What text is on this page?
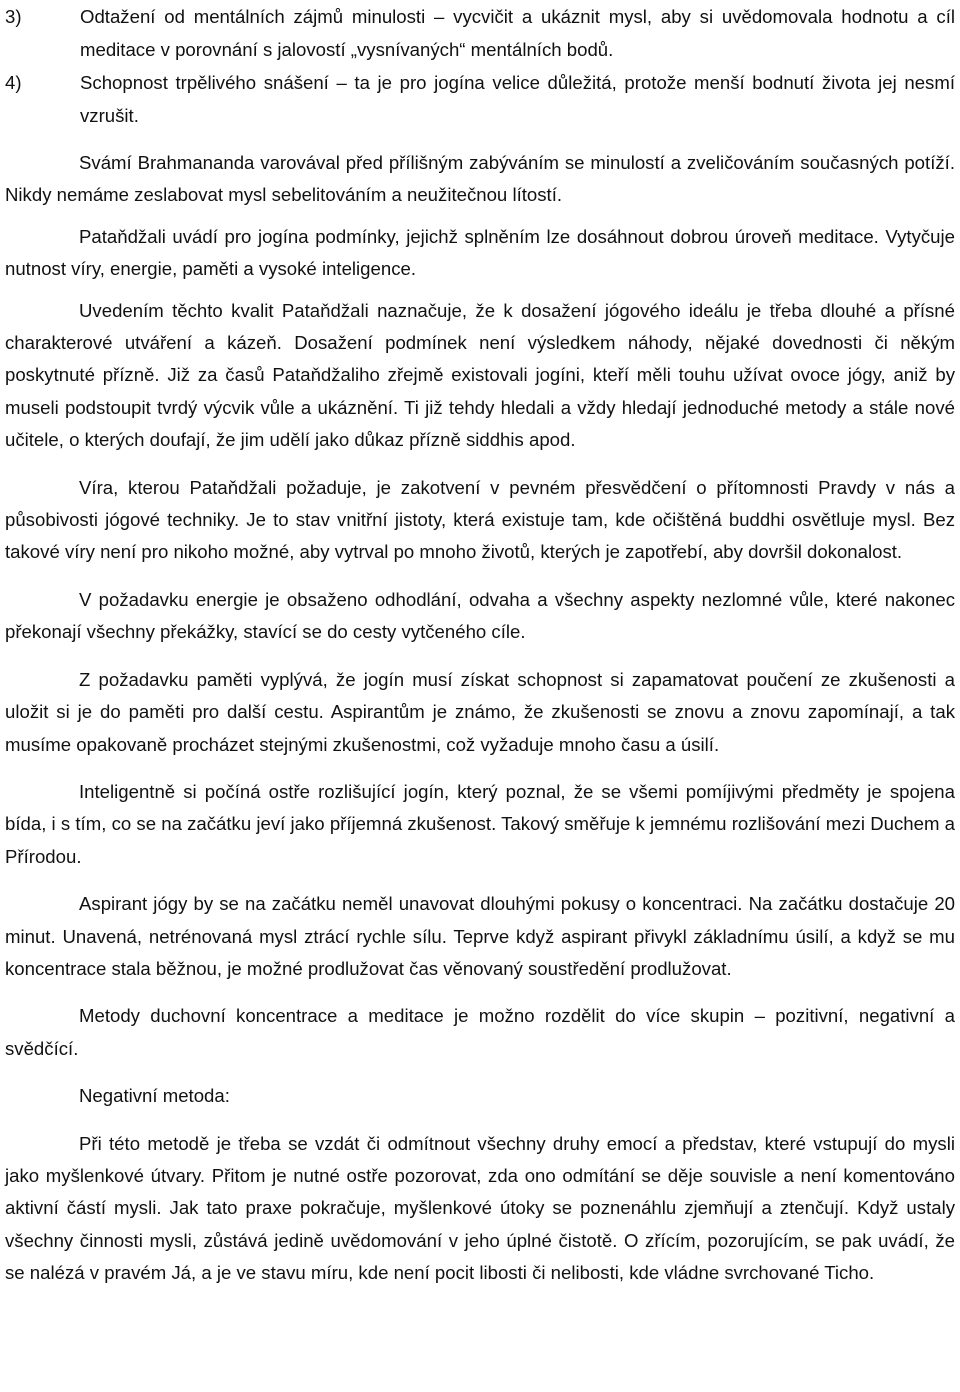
3)	Odtažení od mentálních zájmů minulosti – vycvičit a ukáznit mysl, aby si uvědomovala hodnotu a cíl meditace v porovnání s jalovostí „vysnívaných“ mentálních bodů.
4)	Schopnost trpělivého snášení – ta je pro jogína velice důležitá, protože menší bodnutí života jej nesmí vzrušit.

Svámí Brahmananda varovával před přílišným zabýváním se minulostí a zveličováním současných potíží. Nikdy nemáme zeslabovat mysl sebelitováním a neužitečnou lítostí.

Pataňdžali uvádí pro jogína podmínky, jejichž splněním lze dosáhnout dobrou úroveň meditace. Vytyčuje nutnost víry, energie, paměti a vysoké inteligence.

Uvedením těchto kvalit Pataňdžali naznačuje, že k dosažení jógového ideálu je třeba dlouhé a přísné charakterové utváření a kázeň. Dosažení podmínek není výsledkem náhody, nějaké dovednosti či někým poskytnuté přízně. Již za časů Pataňdžaliho zřejmě existovali jogíni, kteří měli touhu užívat ovoce jógy, aniž by museli podstoupit tvrdý výcvik vůle a ukáznění. Ti již tehdy hledali a vždy hledají jednoduché metody a stále nové učitele, o kterých doufají, že jim udělí jako důkaz přízně siddhis apod.

Víra, kterou Pataňdžali požaduje, je zakotvení v pevném přesvědčení o přítomnosti Pravdy v nás a působivosti jógové techniky. Je to stav vnitřní jistoty, která existuje tam, kde očištěná buddhi osvětluje mysl. Bez takové víry není pro nikoho možné, aby vytrval po mnoho životů, kterých je zapotřebí, aby dovršil dokonalost.

V požadavku energie je obsaženo odhodlání, odvaha a všechny aspekty nezlomné vůle, které nakonec překonají všechny překážky, stavící se do cesty vytčeného cíle.

Z požadavku paměti vyplývá, že jogín musí získat schopnost si zapamatovat poučení ze zkušenosti a uložit si je do paměti pro další cestu. Aspirantům je známo, že zkušenosti se znovu a znovu zapomínají, a tak musíme opakovaně procházet stejnými zkušenostmi, což vyžaduje mnoho času a úsilí.

Inteligentně si počíná ostře rozlišující jogín, který poznal, že se všemi pomíjivými předměty je spojena bída, i s tím, co se na začátku jeví jako příjemná zkušenost. Takový směřuje k jemnému rozlišování mezi Duchem a Přírodou.

Aspirant jógy by se na začátku neměl unavovat dlouhými pokusy o koncentraci. Na začátku dostačuje 20 minut. Unavená, netrénovaná mysl ztrácí rychle sílu. Teprve když aspirant přivykl základnímu úsilí, a když se mu koncentrace stala běžnou, je možné prodlužovat čas věnovaný soustředění prodlužovat.

Metody duchovní koncentrace a meditace je možno rozdělit do více skupin – pozitivní, negativní a svědčící.

Negativní metoda:

Při této metodě je třeba se vzdát či odmítnout všechny druhy emocí a představ, které vstupují do mysli jako myšlenkové útvary. Přitom je nutné ostře pozorovat, zda ono odmítání se děje souvisle a není komentováno aktivní částí mysli. Jak tato praxe pokračuje, myšlenkové útoky se poznenáhlu zjemňují a ztenčují. Když ustaly všechny činnosti mysli, zůstává jedině uvědomování v jeho úplné čistotě. O zřícím, pozorujícím, se pak uvádí, že se nalézá v pravém Já, a je ve stavu míru, kde není pocit libosti či nelibosti, kde vládne svrchované Ticho.
